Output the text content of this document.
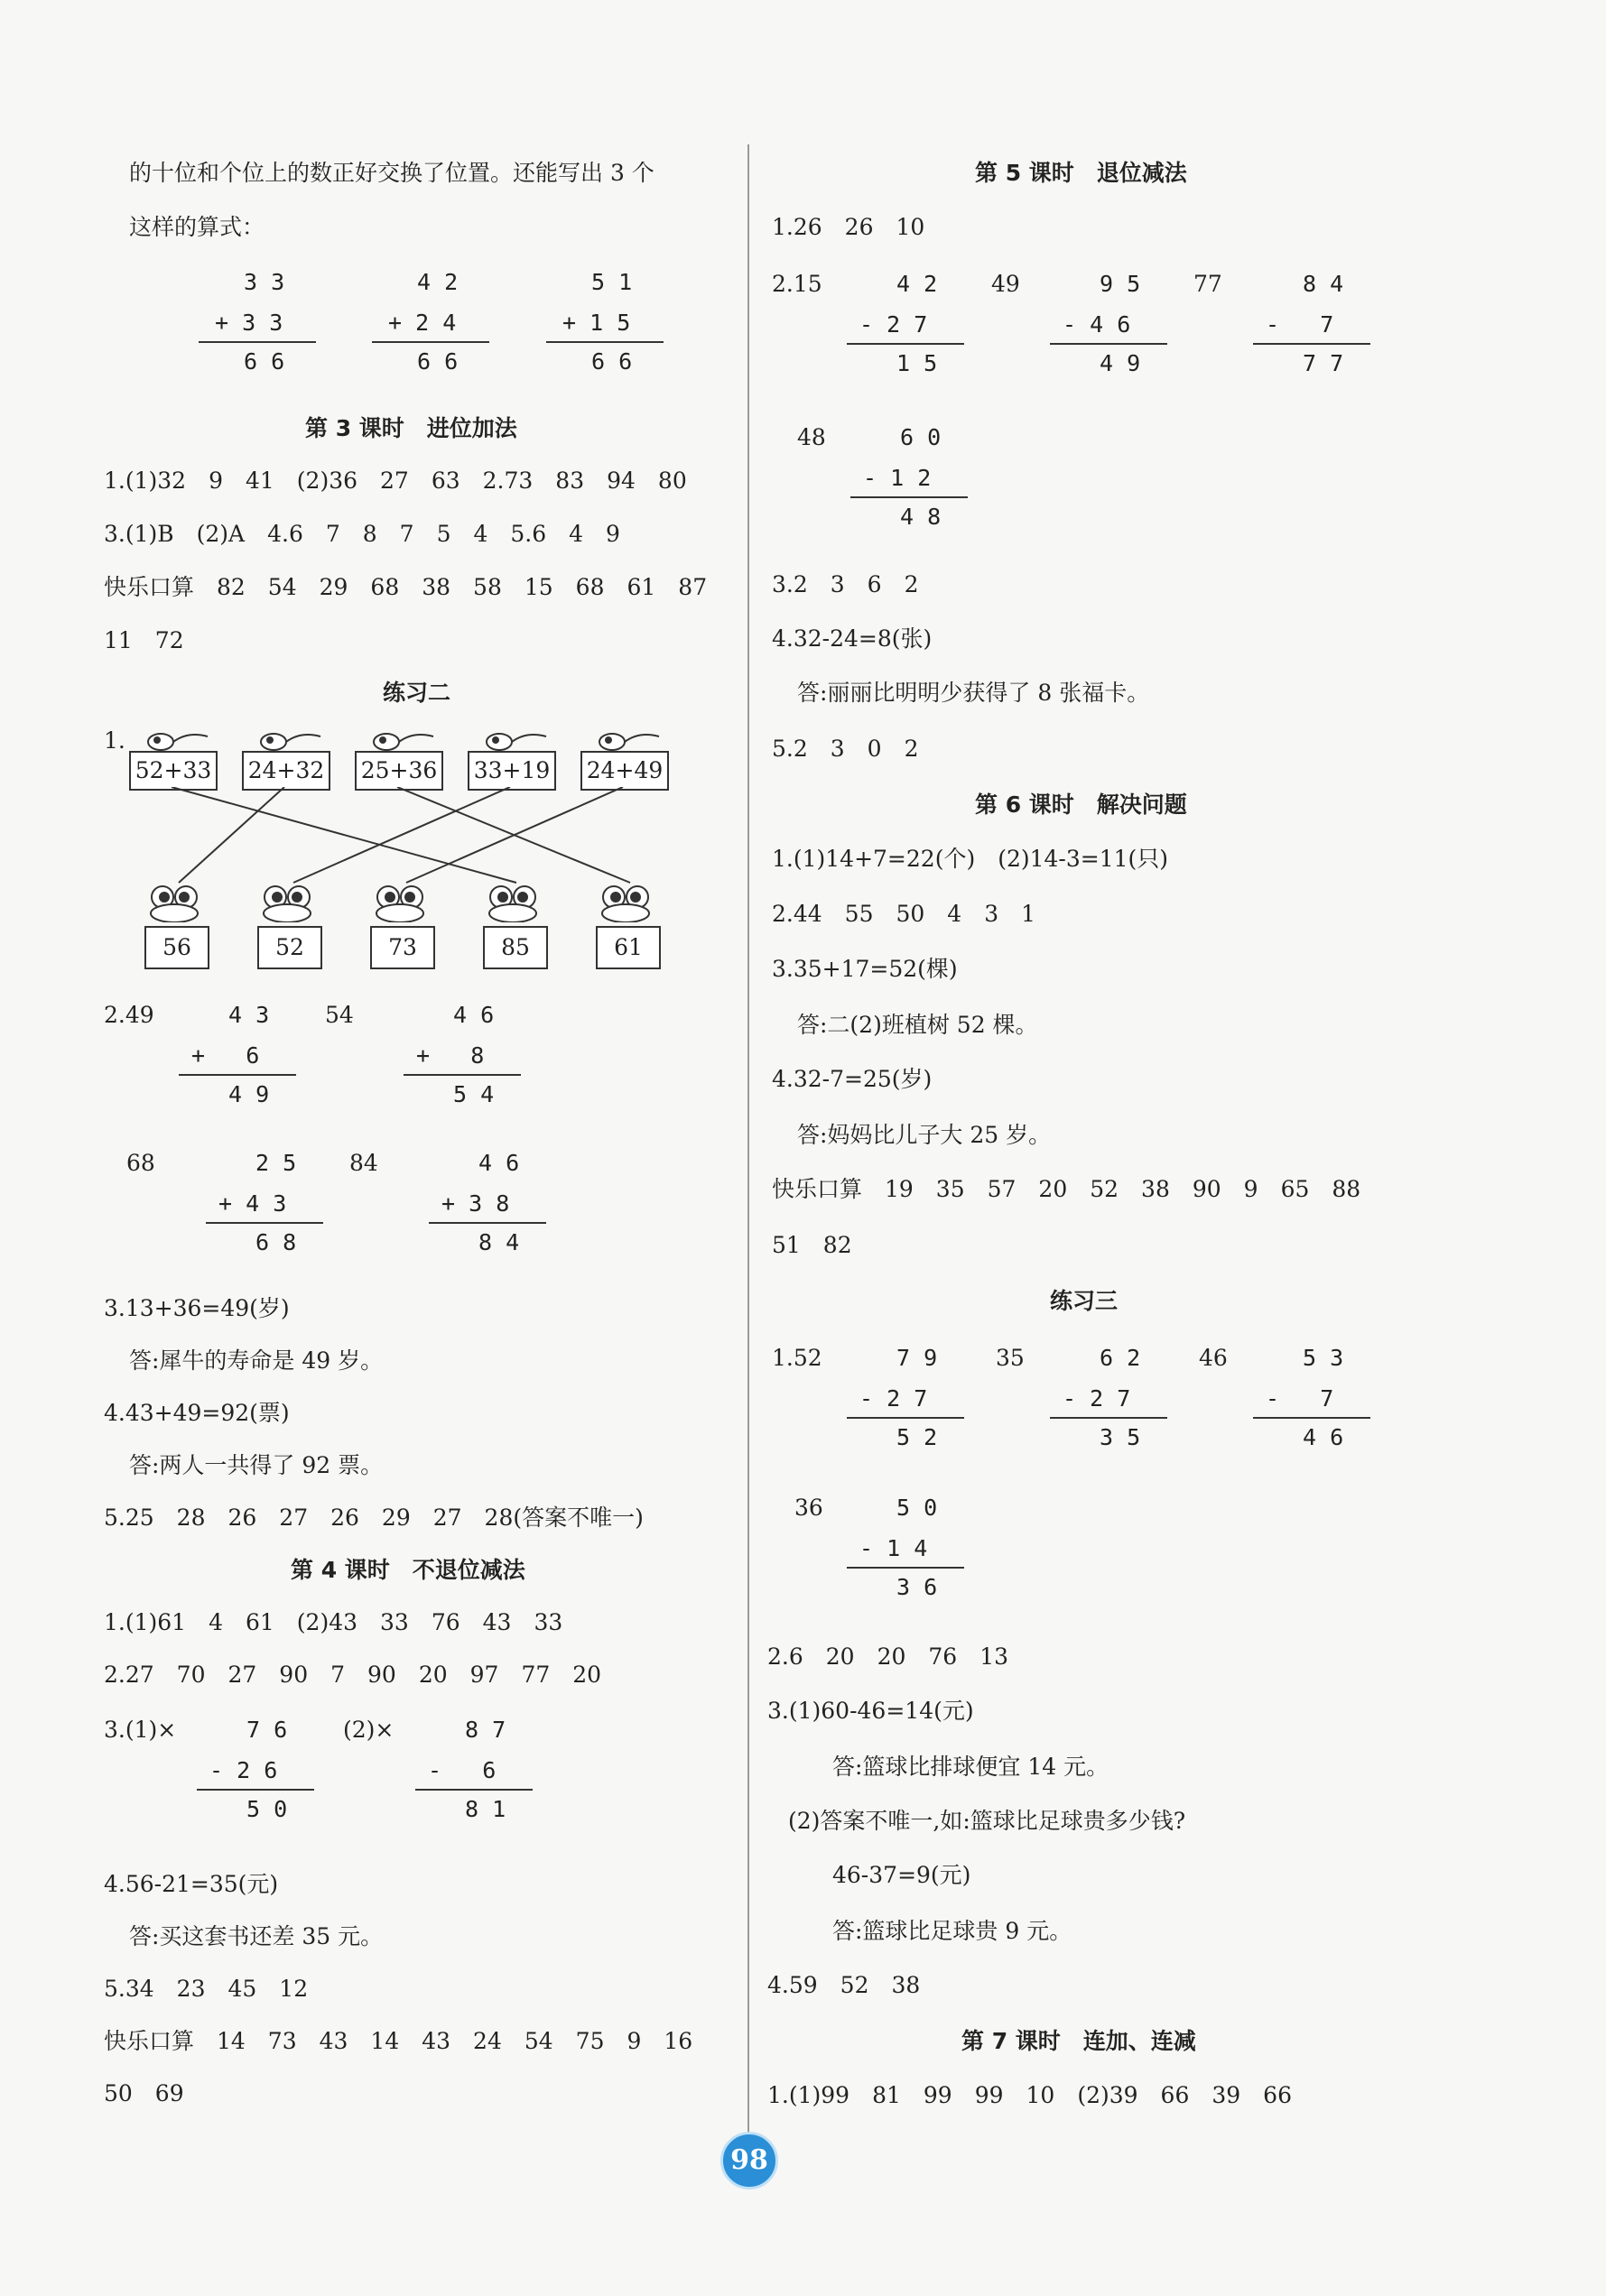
的十位和个位上的数正好交换了位置。还能写出 3 个
这样的算式：
3 3
+ 3 3
6 6
4 2
+ 2 4
6 6
5 1
+ 1 5
6 6
第 3 课时　进位加法
1.(1)32　9　41　(2)36　27　63　2.73　83　94　80
3.(1)B　(2)A　4.6　7　8　7　5　4　5.6　4　9
快乐口算　82　54　29　68　38　58　15　68　61　87
11　72
练习二
1.
52+33 24+32 25+36 33+19 24+49
56	52	73	85	61
2.49	4 3
+   6
4 9
54	4 6
+   8
5 4
68	2 5
+ 4 3
6 8
84	4 6
+ 3 8
8 4
3.13+36=49(岁)
答:犀牛的寿命是 49 岁。
4.43+49=92(票)
答:两人一共得了 92 票。
5.25　28　26　27　26　29　27　28(答案不唯一)
第 4 课时　不退位减法
1.(1)61　4　61　(2)43　33　76　43　33
2.27　70　27　90　7　90　20　97　77　20
3.(1)×	7 6
- 2 6
5 0
(2)×	8 7
-   6
8 1
4.56-21=35(元)
答:买这套书还差 35 元。
5.34　23　45　12
快乐口算　14　73　43　14　43　24　54　75　9　16
50　69
第 5 课时　退位减法
1.26　26　10
2.15	4 2
- 2 7
1 5
49	9 5
- 4 6
4 9
77	8 4
-   7
7 7
48	6 0
- 1 2
4 8
3.2　3　6　2
4.32-24=8(张)
答:丽丽比明明少获得了 8 张福卡。
5.2　3　0　2
第 6 课时　解决问题
1.(1)14+7=22(个)　(2)14-3=11(只)
2.44　55　50　4　3　1
3.35+17=52(棵)
答:二(2)班植树 52 棵。
4.32-7=25(岁)
答:妈妈比儿子大 25 岁。
快乐口算　19　35　57　20　52　38　90　9　65　88
51　82
练习三
1.52	7 9
- 2 7
5 2
35	6 2
- 2 7
3 5
46	5 3
-   7
4 6
36	5 0
- 1 4
3 6
2.6　20　20　76　13
3.(1)60-46=14(元)
答:篮球比排球便宜 14 元。
(2)答案不唯一,如:篮球比足球贵多少钱?
46-37=9(元)
答:篮球比足球贵 9 元。
4.59　52　38
第 7 课时　连加、连减
1.(1)99　81　99　99　10　(2)39　66　39　66
98
